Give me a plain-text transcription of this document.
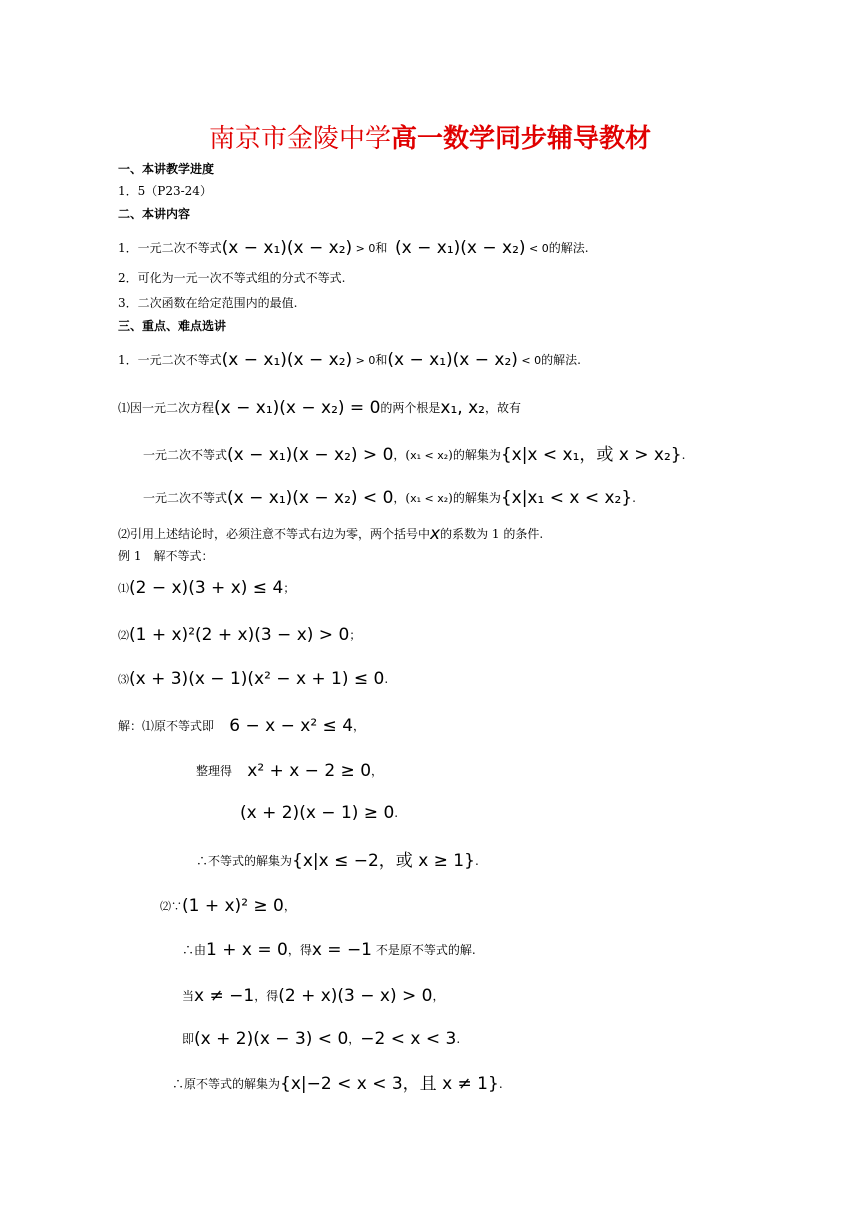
南京市金陵中学高一数学同步辅导教材
一、本讲教学进度
1．5（P23-24）
二、本讲内容
1．一元二次不等式(x − x₁)(x − x₂) > 0和 (x − x₁)(x − x₂) < 0的解法.
2．可化为一元一次不等式组的分式不等式.
3．二次函数在给定范围内的最值.
三、重点、难点选讲
1．一元二次不等式(x − x₁)(x − x₂) > 0和(x − x₁)(x − x₂) < 0的解法.
⑴因一元二次方程(x − x₁)(x − x₂) = 0的两个根是x₁, x₂，故有
一元二次不等式(x − x₁)(x − x₂) > 0，(x₁ < x₂)的解集为{x|x < x₁，或 x > x₂}.
一元二次不等式(x − x₁)(x − x₂) < 0，(x₁ < x₂)的解集为{x|x₁ < x < x₂}.
⑵引用上述结论时，必须注意不等式右边为零，两个括号中x的系数为 1 的条件.
例 1　解不等式：
⑴(2 − x)(3 + x) ≤ 4；
⑵(1 + x)²(2 + x)(3 − x) > 0；
⑶(x + 3)(x − 1)(x² − x + 1) ≤ 0.
解：⑴原不等式即 6 − x − x² ≤ 4，
整理得 x² + x − 2 ≥ 0，
(x + 2)(x − 1) ≥ 0.
∴不等式的解集为{x|x ≤ −2，或 x ≥ 1}.
⑵∵(1 + x)² ≥ 0，
∴由1 + x = 0，得x = −1 不是原不等式的解.
当x ≠ −1，得(2 + x)(3 − x) > 0，
即(x + 2)(x − 3) < 0，−2 < x < 3.
∴原不等式的解集为{x|−2 < x < 3，且 x ≠ 1}.
